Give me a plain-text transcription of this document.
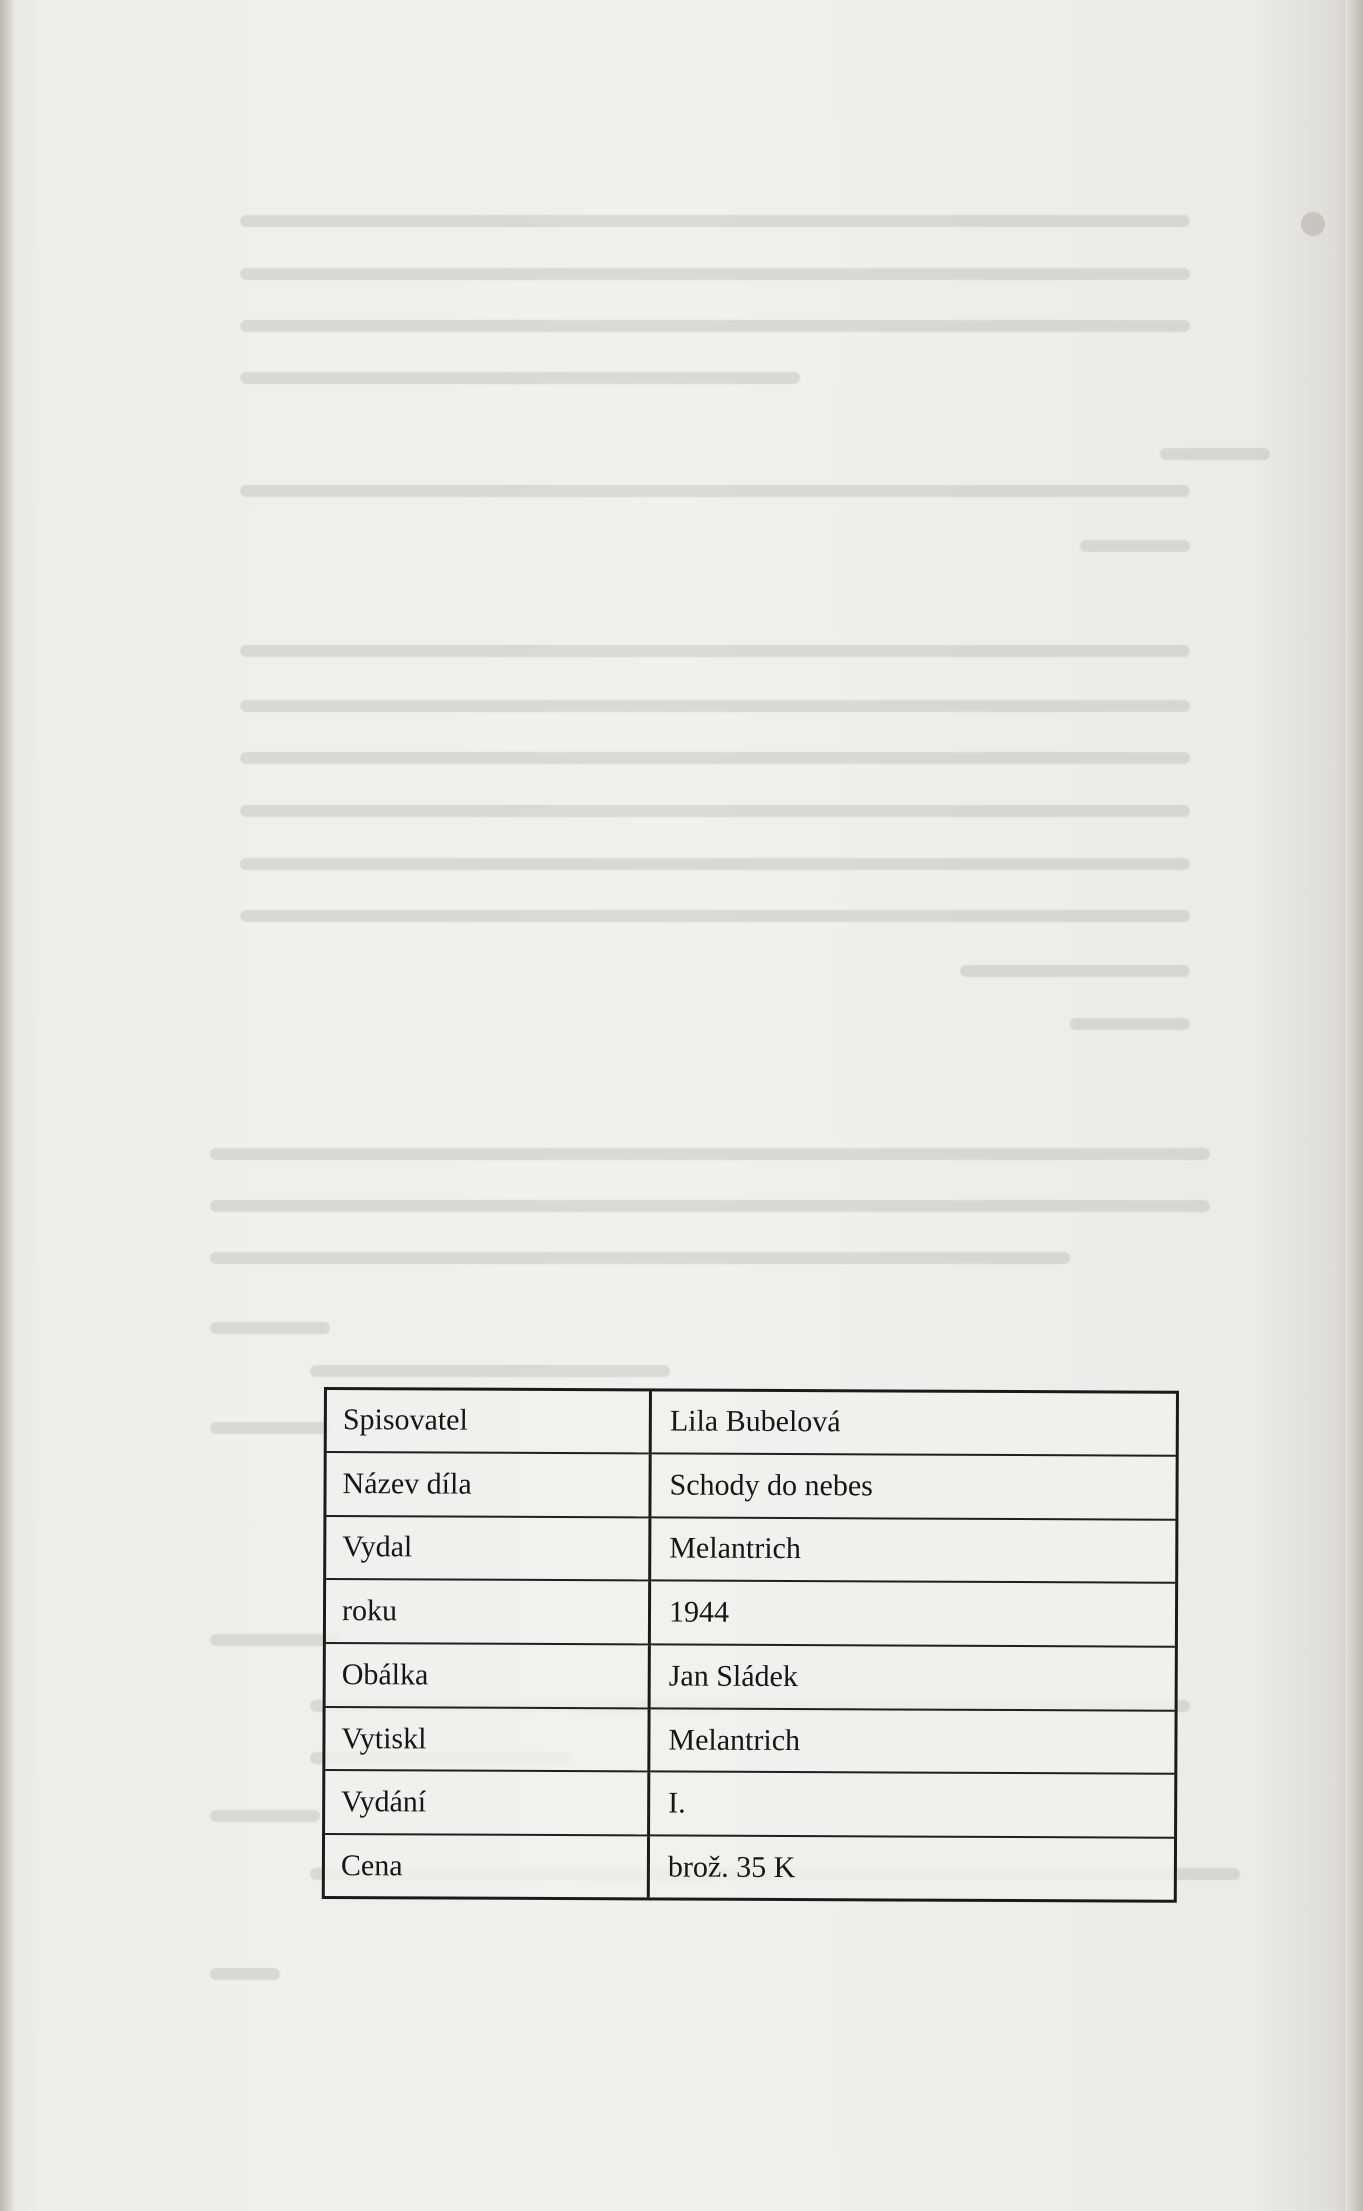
Spisovatel	Lila Bubelová
Název díla	Schody do nebes
Vydal	Melantrich
roku	1944
Obálka	Jan Sládek
Vytiskl	Melantrich
Vydání	I.
Cena	brož. 35 K
